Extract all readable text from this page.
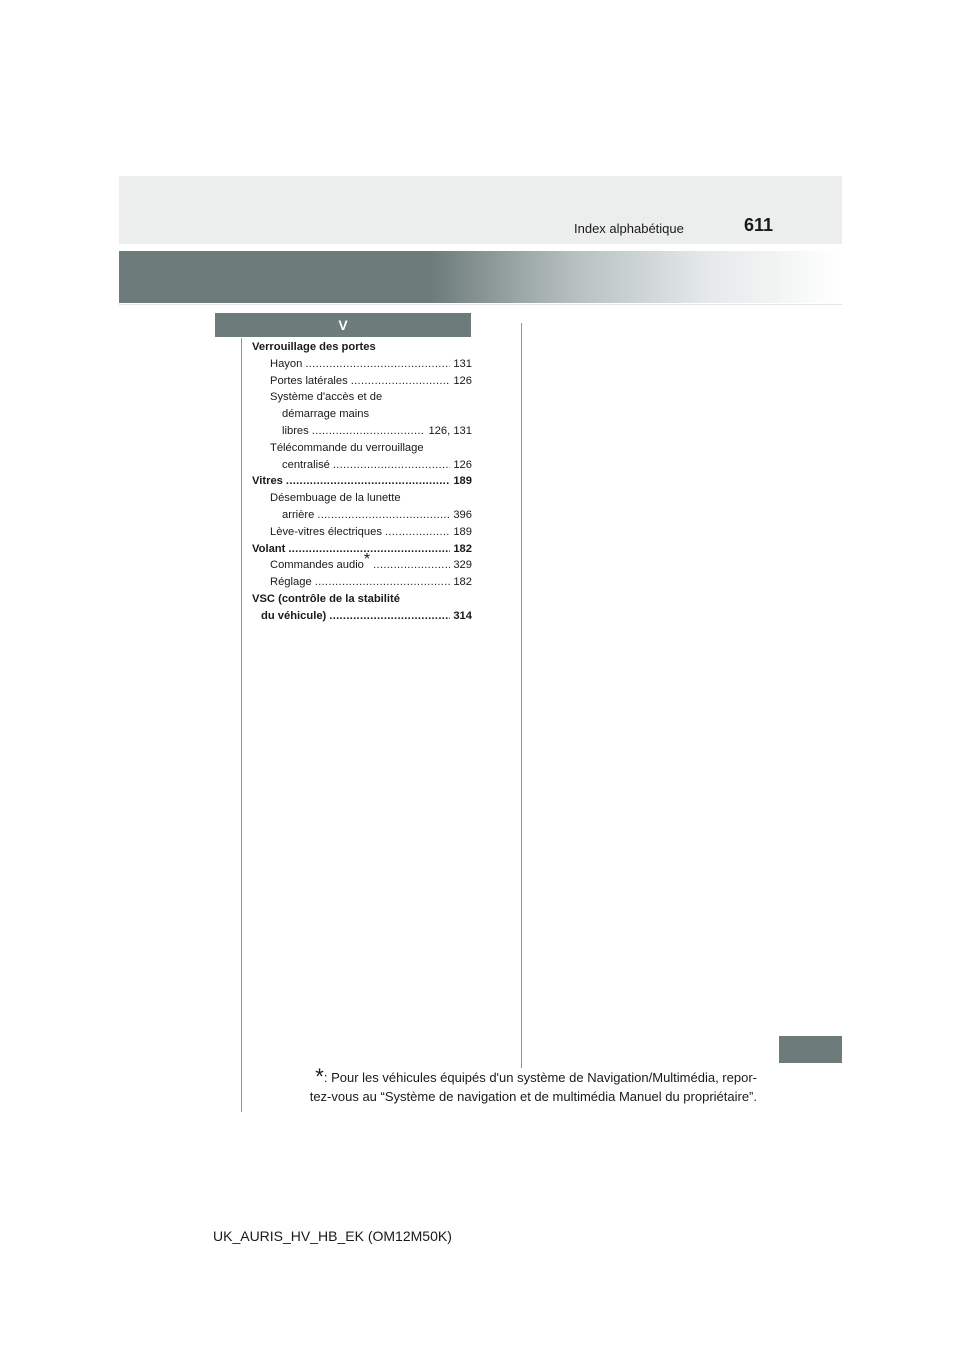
Index alphabétique	611
V
Verrouillage des portes
Hayon .....	131
Portes latérales .....	126
Système d'accès et de
démarrage mains
libres .....	126, 131
Télécommande du verrouillage
centralisé .....	126
Vitres .....	189
Désembuage de la lunette
arrière .....	396
Lève-vitres électriques .....	189
Volant .....	182
Commandes audio* .....	329
Réglage .....	182
VSC (contrôle de la stabilité
du véhicule) .....	314
*: Pour les véhicules équipés d'un système de Navigation/Multimédia, repor-
tez-vous au “Système de navigation et de multimédia Manuel du propriétaire”.
UK_AURIS_HV_HB_EK (OM12M50K)
